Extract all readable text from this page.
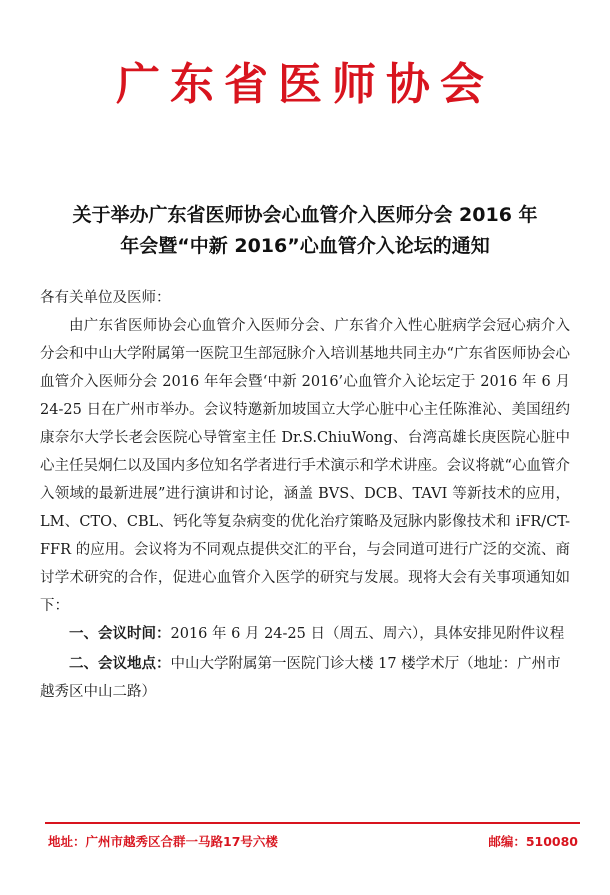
广东省医师协会
关于举办广东省医师协会心血管介入医师分会 2016 年
年会暨“中新 2016”心血管介入论坛的通知

各有关单位及医师：

由广东省医师协会心血管介入医师分会、广东省介入性心脏病学会冠心病介入分会和中山大学附属第一医院卫生部冠脉介入培训基地共同主办“广东省医师协会心血管介入医师分会 2016 年年会暨‘中新 2016’心血管介入论坛定于 2016 年 6 月 24-25 日在广州市举办。会议特邀新加坡国立大学心脏中心主任陈淮沁、美国纽约康奈尔大学长老会医院心导管室主任 Dr.S.ChiuWong、台湾高雄长庚医院心脏中心主任吴炯仁以及国内多位知名学者进行手术演示和学术讲座。会议将就“心血管介入领域的最新进展”进行演讲和讨论，涵盖 BVS、DCB、TAVI 等新技术的应用，LM、CTO、CBL、钙化等复杂病变的优化治疗策略及冠脉内影像技术和 iFR/CT-FFR 的应用。会议将为不同观点提供交汇的平台，与会同道可进行广泛的交流、商讨学术研究的合作，促进心血管介入医学的研究与发展。现将大会有关事项通知如下：

一、会议时间：2016 年 6 月 24-25 日（周五、周六），具体安排见附件议程

二、会议地点：中山大学附属第一医院门诊大楼 17 楼学术厅（地址：广州市越秀区中山二路）

地址：广州市越秀区合群一马路17号六楼	邮编：510080
